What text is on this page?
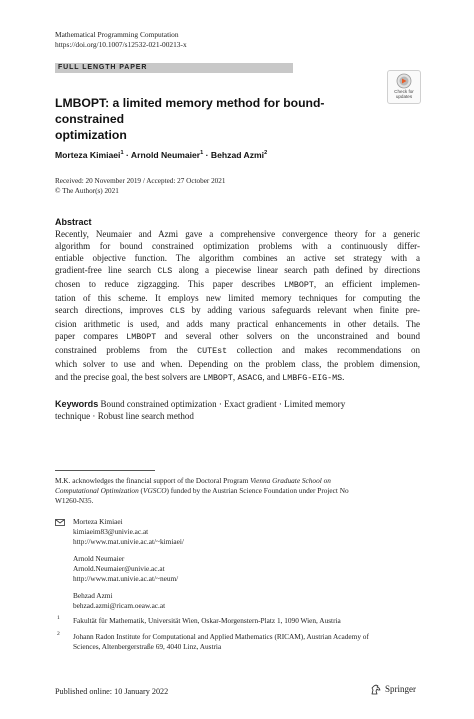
Mathematical Programming Computation
https://doi.org/10.1007/s12532-021-00213-x
FULL LENGTH PAPER
Check for
updates
LMBOPT: a limited memory method for bound-constrained
optimization
Morteza Kimiaei$^1$ · Arnold Neumaier$^1$ · Behzad Azmi$^2$
Received: 20 November 2019 / Accepted: 27 October 2021
© The Author(s) 2021
Abstract

Recently, Neumaier and Azmi gave a comprehensive convergence theory for a generic
algorithm for bound constrained optimization problems with a continuously differ-
entiable objective function. The algorithm combines an active set strategy with a
gradient-free line search CLS along a piecewise linear search path defined by directions
chosen to reduce zigzagging. This paper describes LMBOPT, an efficient implemen-
tation of this scheme. It employs new limited memory techniques for computing the
search directions, improves CLS by adding various safeguards relevant when finite pre-
cision arithmetic is used, and adds many practical enhancements in other details. The
paper compares LMBOPT and several other solvers on the unconstrained and bound
constrained problems from the CUTEst collection and makes recommendations on
which solver to use and when. Depending on the problem class, the problem dimension,
and the precise goal, the best solvers are LMBOPT, ASACG, and LMBFG-EIG-MS.

Keywords Bound constrained optimization · Exact gradient · Limited memory
technique · Robust line search method
M.K. acknowledges the financial support of the Doctoral Program Vienna Graduate School on
Computational Optimization (VGSCO) funded by the Austrian Science Foundation under Project No
W1260-N35.
Morteza Kimiaei
kimiaeim83@univie.ac.at
http://www.mat.univie.ac.at/~kimiaei/
Arnold Neumaier
Arnold.Neumaier@univie.ac.at
http://www.mat.univie.ac.at/~neum/
Behzad Azmi
behzad.azmi@ricam.oeaw.ac.at
1 Fakultät für Mathematik, Universität Wien, Oskar-Morgenstern-Platz 1, 1090 Wien, Austria
2 Johann Radon Institute for Computational and Applied Mathematics (RICAM), Austrian Academy of
Sciences, Altenbergerstraße 69, 4040 Linz, Austria
Published online: 10 January 2022	Springer
